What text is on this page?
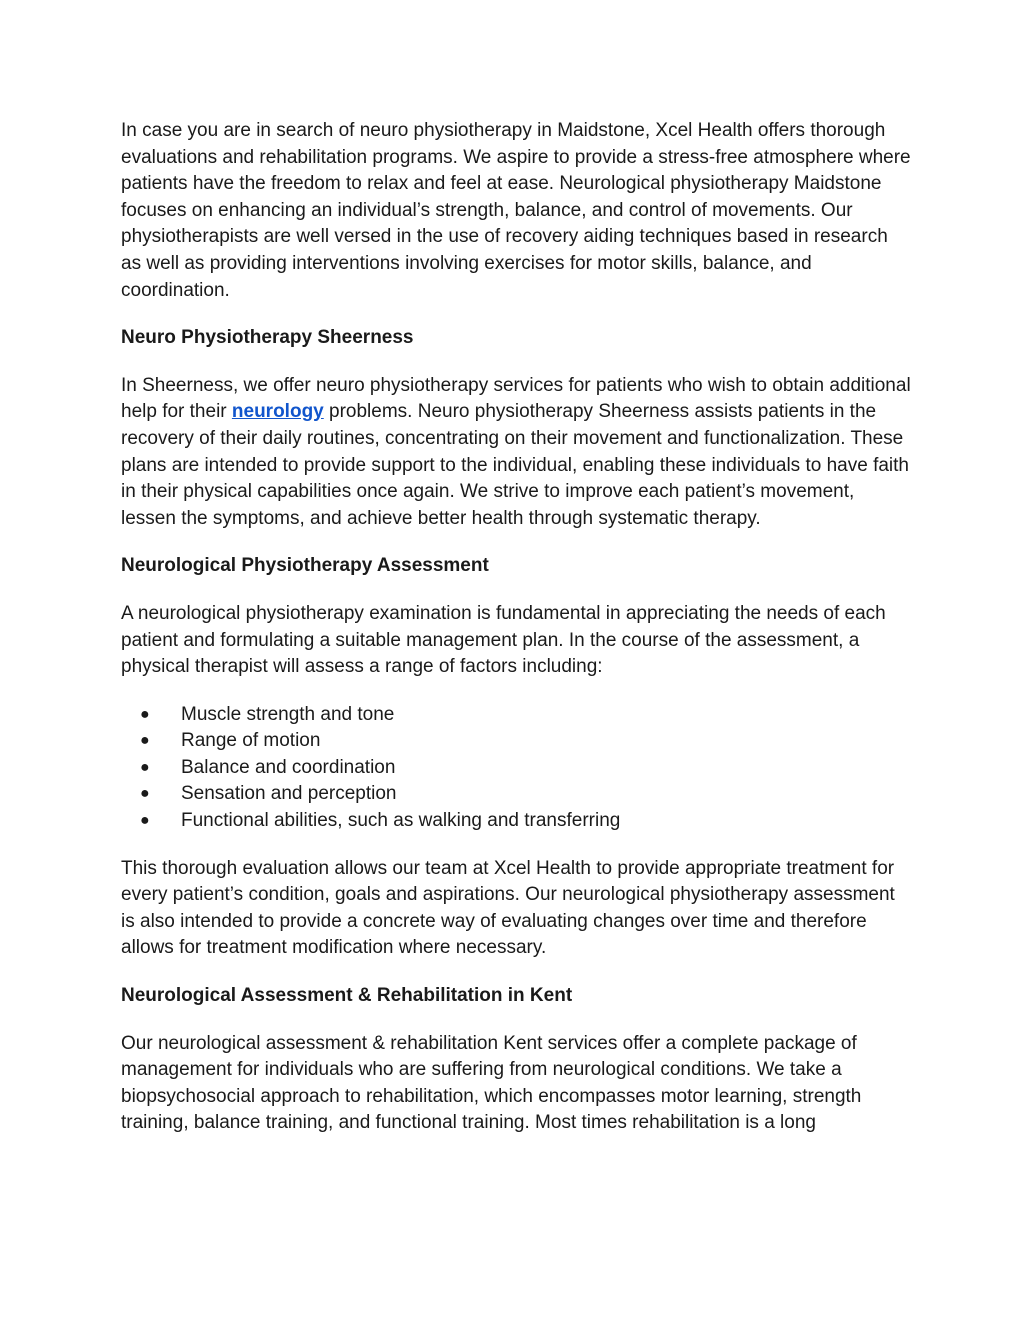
In case you are in search of neuro physiotherapy in Maidstone, Xcel Health offers thorough evaluations and rehabilitation programs. We aspire to provide a stress-free atmosphere where patients have the freedom to relax and feel at ease. Neurological physiotherapy Maidstone focuses on enhancing an individual’s strength, balance, and control of movements. Our physiotherapists are well versed in the use of recovery aiding techniques based in research as well as providing interventions involving exercises for motor skills, balance, and coordination.

Neuro Physiotherapy Sheerness

In Sheerness, we offer neuro physiotherapy services for patients who wish to obtain additional help for their neurology problems. Neuro physiotherapy Sheerness assists patients in the recovery of their daily routines, concentrating on their movement and functionalization. These plans are intended to provide support to the individual, enabling these individuals to have faith in their physical capabilities once again. We strive to improve each patient’s movement, lessen the symptoms, and achieve better health through systematic therapy.

Neurological Physiotherapy Assessment

A neurological physiotherapy examination is fundamental in appreciating the needs of each patient and formulating a suitable management plan. In the course of the assessment, a physical therapist will assess a range of factors including:

● Muscle strength and tone
● Range of motion
● Balance and coordination
● Sensation and perception
● Functional abilities, such as walking and transferring

This thorough evaluation allows our team at Xcel Health to provide appropriate treatment for every patient’s condition, goals and aspirations. Our neurological physiotherapy assessment is also intended to provide a concrete way of evaluating changes over time and therefore allows for treatment modification where necessary.

Neurological Assessment & Rehabilitation in Kent

Our neurological assessment & rehabilitation Kent services offer a complete package of management for individuals who are suffering from neurological conditions. We take a biopsychosocial approach to rehabilitation, which encompasses motor learning, strength training, balance training, and functional training. Most times rehabilitation is a long
